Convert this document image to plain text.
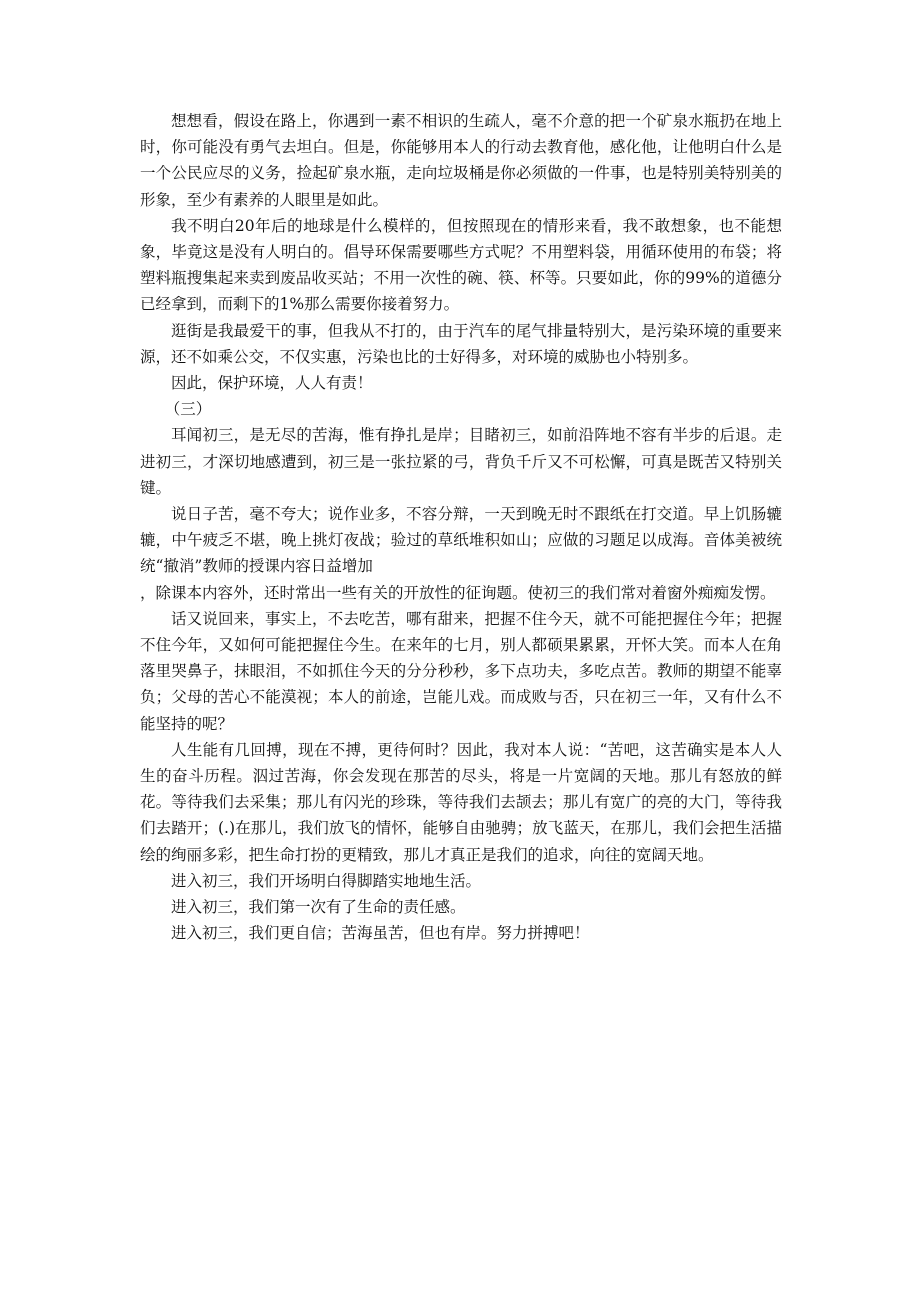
想想看，假设在路上，你遇到一素不相识的生疏人，毫不介意的把一个矿泉水瓶扔在地上时，你可能没有勇气去坦白。但是，你能够用本人的行动去教育他，感化他，让他明白什么是一个公民应尽的义务，捡起矿泉水瓶，走向垃圾桶是你必须做的一件事，也是特别美特别美的形象，至少有素养的人眼里是如此。

我不明白20年后的地球是什么模样的，但按照现在的情形来看，我不敢想象，也不能想象，毕竟这是没有人明白的。倡导环保需要哪些方式呢？不用塑料袋，用循环使用的布袋；将塑料瓶搜集起来卖到废品收买站；不用一次性的碗、筷、杯等。只要如此，你的99%的道德分已经拿到，而剩下的1%那么需要你接着努力。

逛街是我最爱干的事，但我从不打的，由于汽车的尾气排量特别大，是污染环境的重要来源，还不如乘公交，不仅实惠，污染也比的士好得多，对环境的威胁也小特别多。

因此，保护环境，人人有责！

（三）

耳闻初三，是无尽的苦海，惟有挣扎是岸；目睹初三，如前沿阵地不容有半步的后退。走进初三，才深切地感遭到，初三是一张拉紧的弓，背负千斤又不可松懈，可真是既苦又特别关键。

说日子苦，毫不夸大；说作业多，不容分辩，一天到晚无时不跟纸在打交道。早上饥肠辘辘，中午疲乏不堪，晚上挑灯夜战；验过的草纸堆积如山；应做的习题足以成海。音体美被统统“撤消”教师的授课内容日益增加

，除课本内容外，还时常出一些有关的开放性的征询题。使初三的我们常对着窗外痴痴发愣。

话又说回来，事实上，不去吃苦，哪有甜来，把握不住今天，就不可能把握住今年；把握不住今年，又如何可能把握住今生。在来年的七月，别人都硕果累累，开怀大笑。而本人在角落里哭鼻子，抹眼泪，不如抓住今天的分分秒秒，多下点功夫，多吃点苦。教师的期望不能辜负；父母的苦心不能漠视；本人的前途，岂能儿戏。而成败与否，只在初三一年，又有什么不能坚持的呢？

人生能有几回搏，现在不搏，更待何时？因此，我对本人说：“苦吧，这苦确实是本人人生的奋斗历程。泅过苦海，你会发现在那苦的尽头，将是一片宽阔的天地。那儿有怒放的鲜花。等待我们去采集；那儿有闪光的珍珠，等待我们去颉去；那儿有宽广的亮的大门，等待我们去踏开；(.)在那儿，我们放飞的情怀，能够自由驰骋；放飞蓝天，在那儿，我们会把生活描绘的绚丽多彩，把生命打扮的更精致，那儿才真正是我们的追求，向往的宽阔天地。

进入初三，我们开场明白得脚踏实地地生活。

进入初三，我们第一次有了生命的责任感。

进入初三，我们更自信；苦海虽苦，但也有岸。努力拼搏吧！
